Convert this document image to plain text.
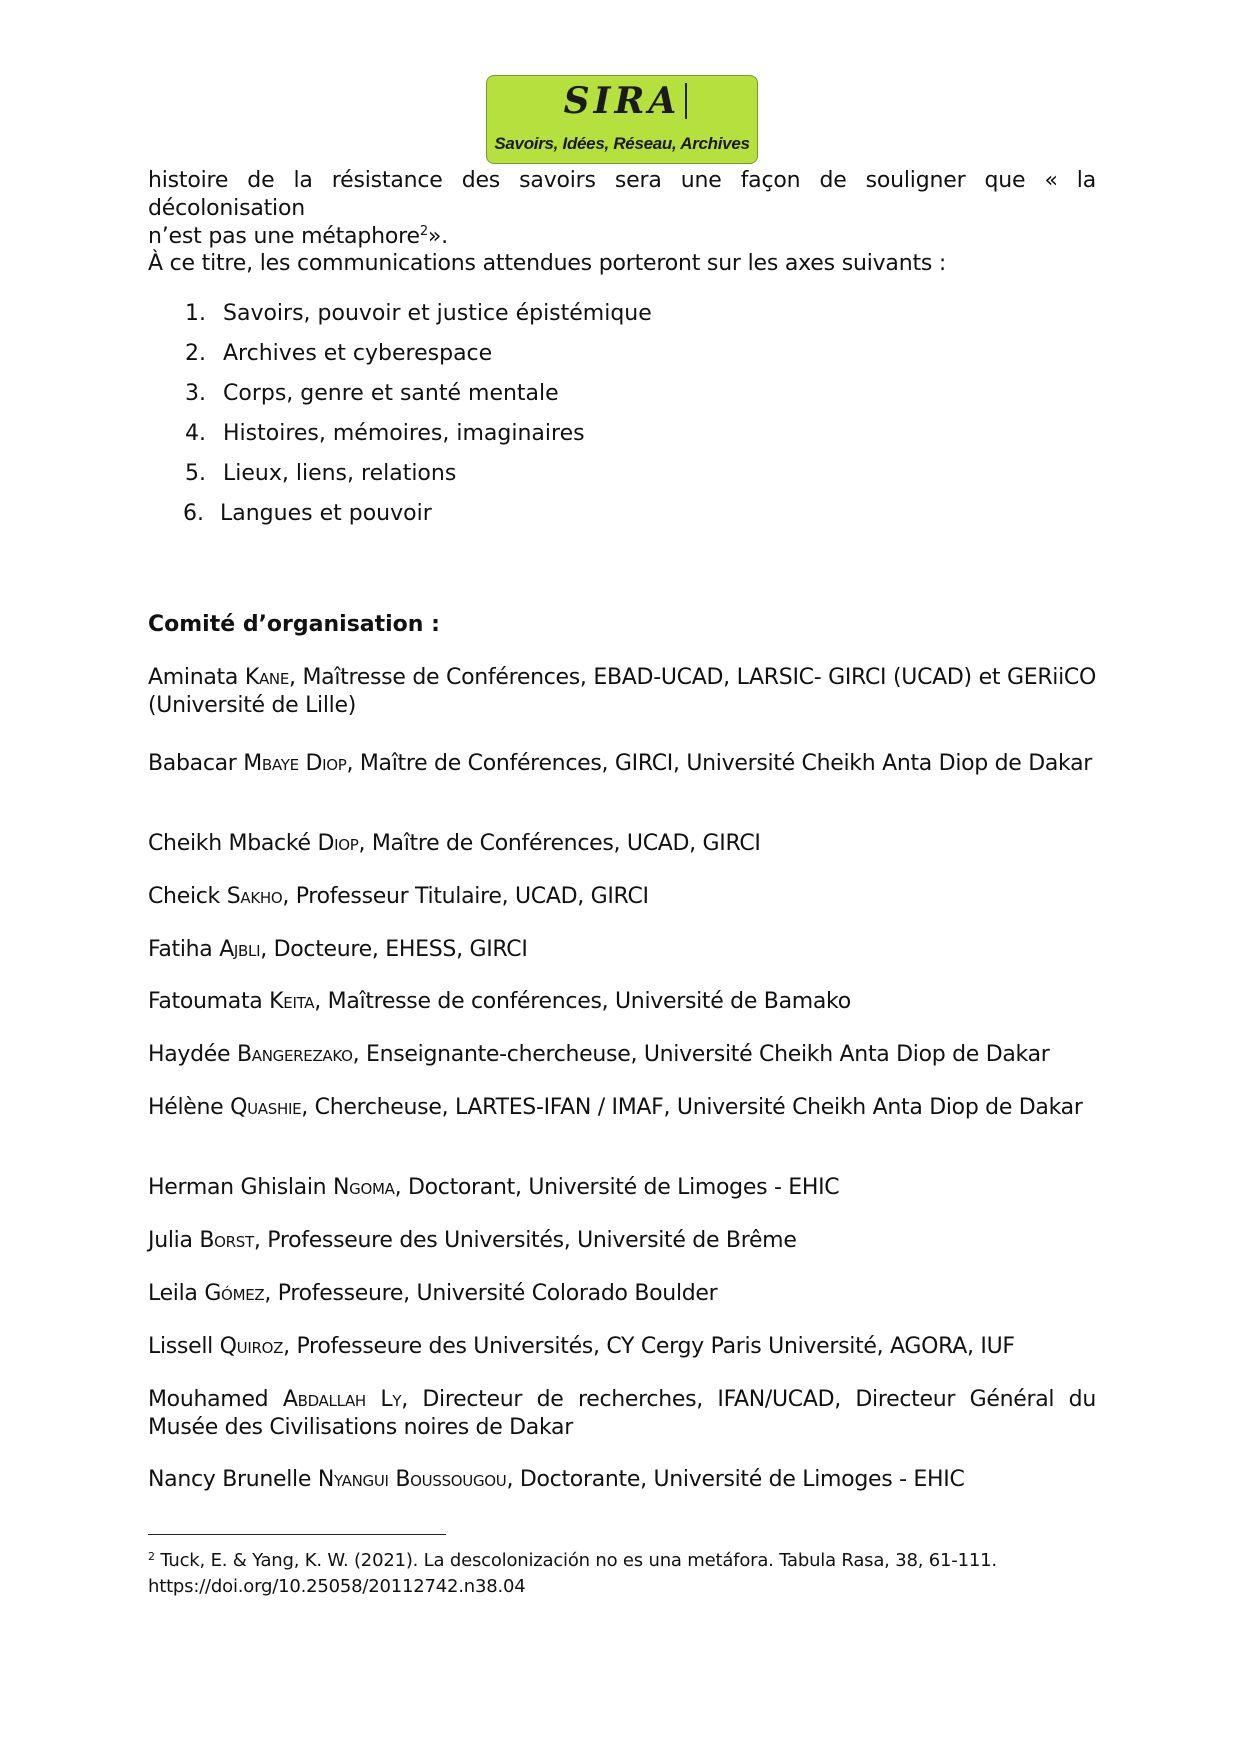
SIRA
Savoirs, Idées, Réseau, Archives

histoire de la résistance des savoirs sera une façon de souligner que « la décolonisation
n’est pas une métaphore$^2$».

À ce titre, les communications attendues porteront sur les axes suivants :

1. Savoirs, pouvoir et justice épistémique
2. Archives et cyberespace
3. Corps, genre et santé mentale
4. Histoires, mémoires, imaginaires
5. Lieux, liens, relations
6. Langues et pouvoir
Comité d’organisation :
Aminata Kane, Maîtresse de Conférences, EBAD-UCAD, LARSIC- GIRCI (UCAD) et GERiiCO (Université de Lille)
Babacar Mbaye Diop, Maître de Conférences, GIRCI, Université Cheikh Anta Diop de Dakar
Cheikh Mbacké Diop, Maître de Conférences, UCAD, GIRCI
Cheick Sakho, Professeur Titulaire, UCAD, GIRCI
Fatiha Ajbli, Docteure, EHESS, GIRCI
Fatoumata Keita, Maîtresse de conférences, Université de Bamako
Haydée Bangerezako, Enseignante-chercheuse, Université Cheikh Anta Diop de Dakar
Hélène Quashie, Chercheuse, LARTES-IFAN / IMAF, Université Cheikh Anta Diop de Dakar
Herman Ghislain Ngoma, Doctorant, Université de Limoges - EHIC
Julia Borst, Professeure des Universités, Université de Brême
Leila Gómez, Professeure, Université Colorado Boulder
Lissell Quiroz, Professeure des Universités, CY Cergy Paris Université, AGORA, IUF
Mouhamed Abdallah Ly, Directeur de recherches, IFAN/UCAD, Directeur Général du Musée des Civilisations noires de Dakar
Nancy Brunelle Nyangui Boussougou, Doctorante, Université de Limoges - EHIC
$^2$ Tuck, E. & Yang, K. W. (2021). La descolonización no es una metáfora. Tabula Rasa, 38, 61-111. https://doi.org/10.25058/20112742.n38.04
